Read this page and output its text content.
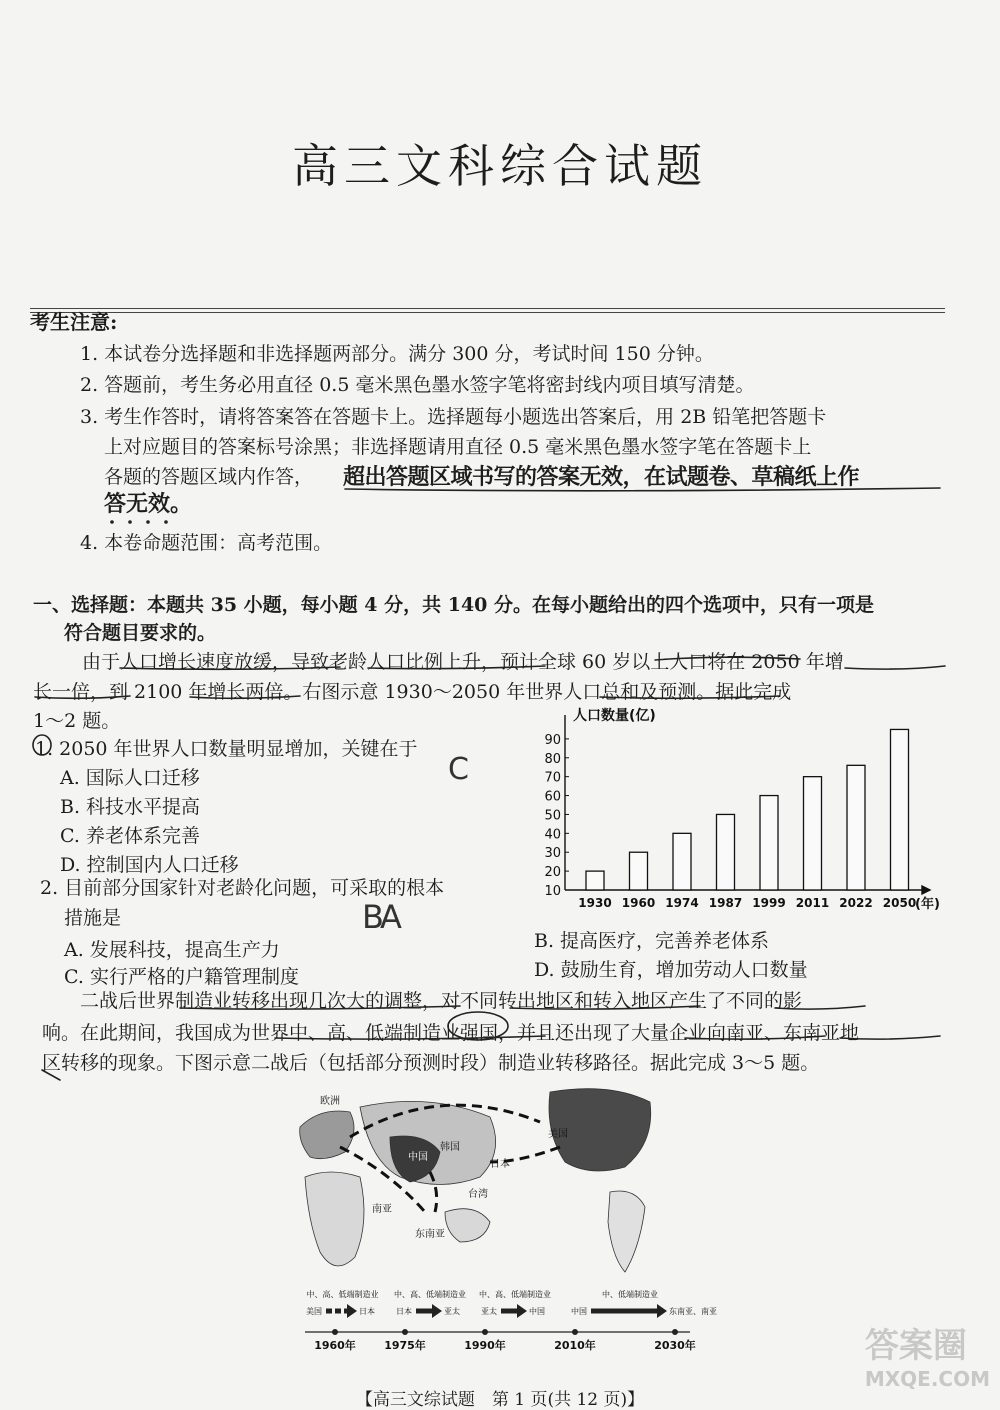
高三文科综合试题
考生注意:
1. 本试卷分选择题和非选择题两部分。满分 300 分，考试时间 150 分钟。
2. 答题前，考生务必用直径 0.5 毫米黑色墨水签字笔将密封线内项目填写清楚。
3. 考生作答时，请将答案答在答题卡上。选择题每小题选出答案后，用 2B 铅笔把答题卡
上对应题目的答案标号涂黑；非选择题请用直径 0.5 毫米黑色墨水签字笔在答题卡上
各题的答题区域内作答， 超出答题区域书写的答案无效，在试题卷、草稿纸上作
答无效。
4. 本卷命题范围：高考范围。
一、选择题：本题共 35 小题，每小题 4 分，共 140 分。在每小题给出的四个选项中，只有一项是
符合题目要求的。
由于人口增长速度放缓，导致老龄人口比例上升，预计全球 60 岁以上人口将在 2050 年增
长一倍，到 2100 年增长两倍。右图示意 1930～2050 年世界人口总和及预测。据此完成
1～2 题。
1. 2050 年世界人口数量明显增加，关键在于
A. 国际人口迁移
B. 科技水平提高
C. 养老体系完善
D. 控制国内人口迁移
C
2. 目前部分国家针对老龄化问题，可采取的根本
措施是
A. 发展科技，提高生产力	B. 提高医疗，完善养老体系
C. 实行严格的户籍管理制度	D. 鼓励生育，增加劳动人口数量
BA
二战后世界制造业转移出现几次大的调整，对不同转出地区和转入地区产生了不同的影
响。在此期间，我国成为世界中、高、低端制造业强国，并且还出现了大量企业向南亚、东南亚地
区转移的现象。下图示意二战后（包括部分预测时段）制造业转移路径。据此完成 3～5 题。
人口数量(亿)
(年)
10
20
30
40
50
60
70
80
90
1930 1960 1974 1987 1999 2011 2022 2050
欧洲
美国
中国
韩国
日本
台湾
南亚
东南亚
中、高、低端制造业
美国	日本
中、高、低端制造业
日本	亚太
中、高、低端制造业
亚太	中国
中、低端制造业
中国	东南亚、南亚
1960年	1975年	1990年	2010年	2030年
【高三文综试题　第 1 页(共 12 页)】
答案圈
MXQE.COM
